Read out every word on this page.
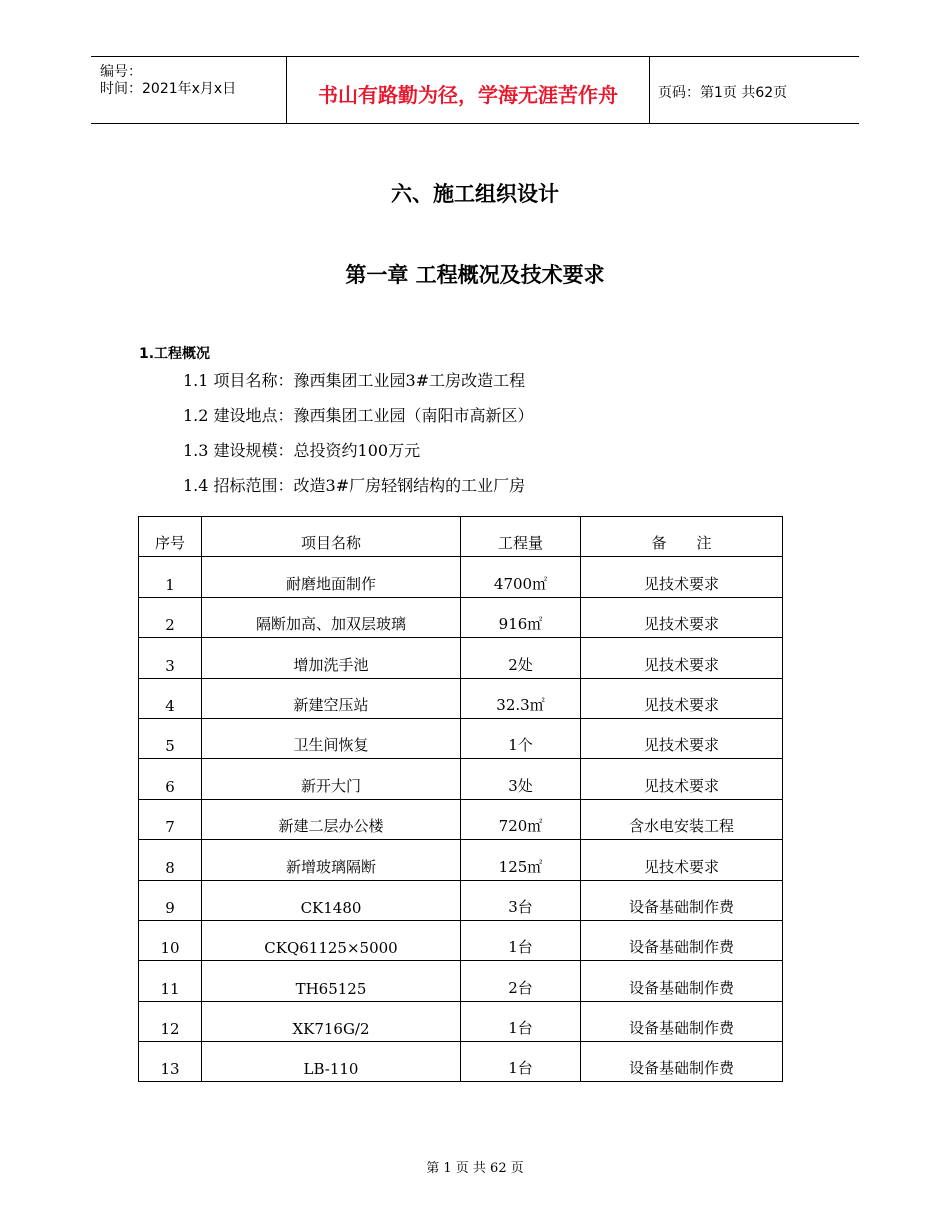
编号：
时间：2021年x月x日	书山有路勤为径，学海无涯苦作舟	页码：第1页 共62页
六、施工组织设计
第一章 工程概况及技术要求
1.工程概况
1.1 项目名称：豫西集团工业园3#工房改造工程
1.2 建设地点：豫西集团工业园（南阳市高新区）
1.3 建设规模：总投资约100万元
1.4 招标范围：改造3#厂房轻钢结构的工业厂房
序号	项目名称	工程量	备　　注
1	耐磨地面制作	4700㎡	见技术要求
2	隔断加高、加双层玻璃	916㎡	见技术要求
3	增加洗手池	2处	见技术要求
4	新建空压站	32.3㎡	见技术要求
5	卫生间恢复	1个	见技术要求
6	新开大门	3处	见技术要求
7	新建二层办公楼	720㎡	含水电安装工程
8	新增玻璃隔断	125㎡	见技术要求
9	CK1480	3台	设备基础制作费
10	CKQ61125×5000	1台	设备基础制作费
11	TH65125	2台	设备基础制作费
12	XK716G/2	1台	设备基础制作费
13	LB-110	1台	设备基础制作费
第 1 页 共 62 页
